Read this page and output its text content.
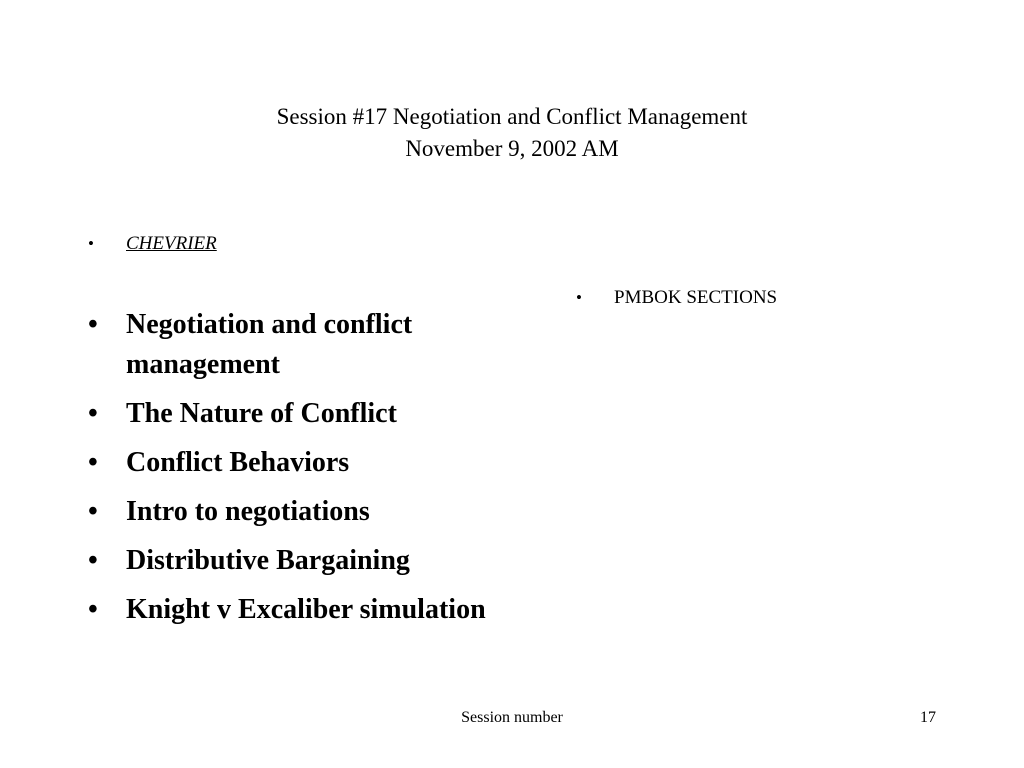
Session #17 Negotiation and Conflict Management
November 9, 2002 AM
•	CHEVRIER
•	PMBOK SECTIONS
•	Negotiation and conflict management
•	The Nature of Conflict
•	Conflict Behaviors
•	Intro to negotiations
•	Distributive Bargaining
•	Knight v Excaliber simulation
Session number	17
